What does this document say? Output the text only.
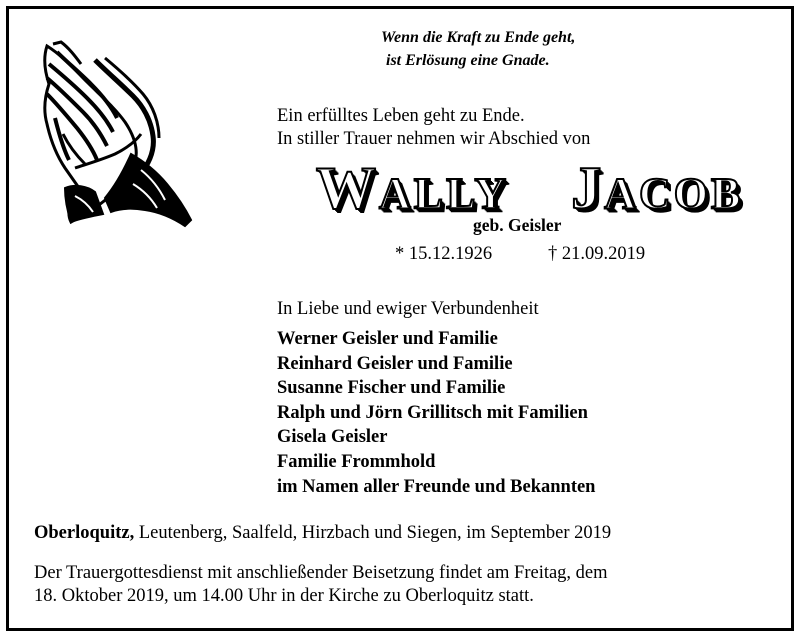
Wenn die Kraft zu Ende geht,
ist Erlösung eine Gnade.
Ein erfülltes Leben geht zu Ende.
In stiller Trauer nehmen wir Abschied von
WALLY JACOB
geb. Geisler
* 15.12.1926	† 21.09.2019
In Liebe und ewiger Verbundenheit
Werner Geisler und Familie
Reinhard Geisler und Familie
Susanne Fischer und Familie
Ralph und Jörn Grillitsch mit Familien
Gisela Geisler
Familie Frommhold
im Namen aller Freunde und Bekannten
Oberloquitz, Leutenberg, Saalfeld, Hirzbach und Siegen, im September 2019
Der Trauergottesdienst mit anschließender Beisetzung findet am Freitag, dem
18. Oktober 2019, um 14.00 Uhr in der Kirche zu Oberloquitz statt.
